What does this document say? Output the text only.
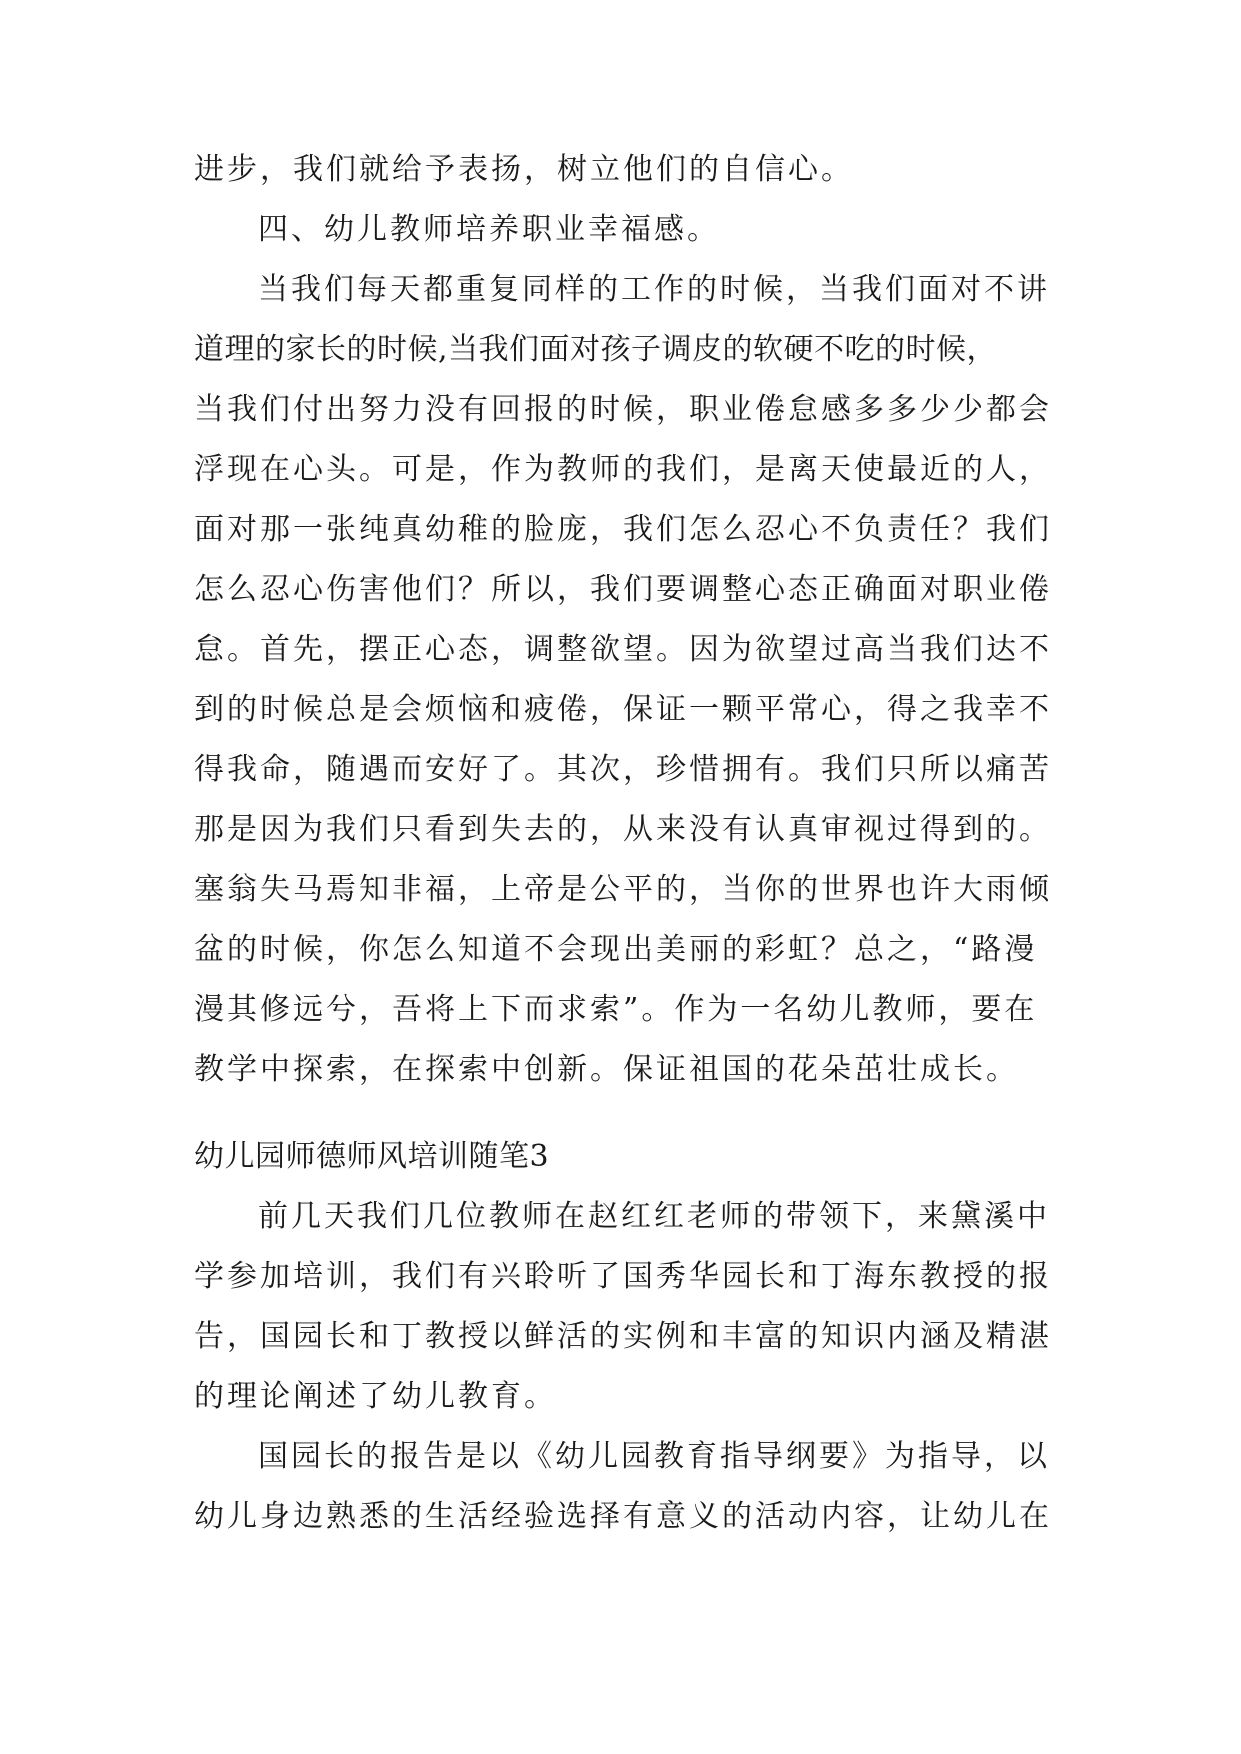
进步，我们就给予表扬，树立他们的自信心。
四、幼儿教师培养职业幸福感。
当我们每天都重复同样的工作的时候，当我们面对不讲
道理的家长的时候,当我们面对孩子调皮的软硬不吃的时候，
当我们付出努力没有回报的时候，职业倦怠感多多少少都会
浮现在心头。可是，作为教师的我们，是离天使最近的人，
面对那一张纯真幼稚的脸庞，我们怎么忍心不负责任？我们
怎么忍心伤害他们？所以，我们要调整心态正确面对职业倦
怠。首先，摆正心态，调整欲望。因为欲望过高当我们达不
到的时候总是会烦恼和疲倦，保证一颗平常心，得之我幸不
得我命，随遇而安好了。其次，珍惜拥有。我们只所以痛苦
那是因为我们只看到失去的，从来没有认真审视过得到的。
塞翁失马焉知非福，上帝是公平的，当你的世界也许大雨倾
盆的时候，你怎么知道不会现出美丽的彩虹？总之，“路漫
漫其修远兮，吾将上下而求索”。作为一名幼儿教师，要在
教学中探索，在探索中创新。保证祖国的花朵茁壮成长。
幼儿园师德师风培训随笔3
前几天我们几位教师在赵红红老师的带领下，来黛溪中
学参加培训，我们有兴聆听了国秀华园长和丁海东教授的报
告，国园长和丁教授以鲜活的实例和丰富的知识内涵及精湛
的理论阐述了幼儿教育。
国园长的报告是以《幼儿园教育指导纲要》为指导，以
幼儿身边熟悉的生活经验选择有意义的活动内容，让幼儿在
